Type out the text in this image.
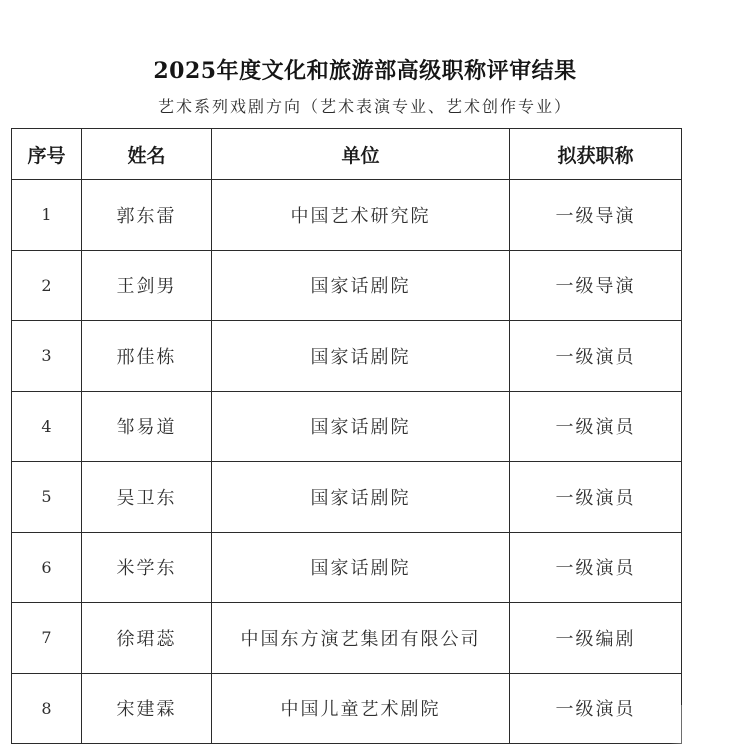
2025年度文化和旅游部高级职称评审结果
艺术系列戏剧方向（艺术表演专业、艺术创作专业）
序号	姓名	单位	拟获职称
1	郭东雷	中国艺术研究院	一级导演
2	王剑男	国家话剧院	一级导演
3	邢佳栋	国家话剧院	一级演员
4	邹易道	国家话剧院	一级演员
5	吴卫东	国家话剧院	一级演员
6	米学东	国家话剧院	一级演员
7	徐珺蕊	中国东方演艺集团有限公司	一级编剧
8	宋建霖	中国儿童艺术剧院	一级演员
